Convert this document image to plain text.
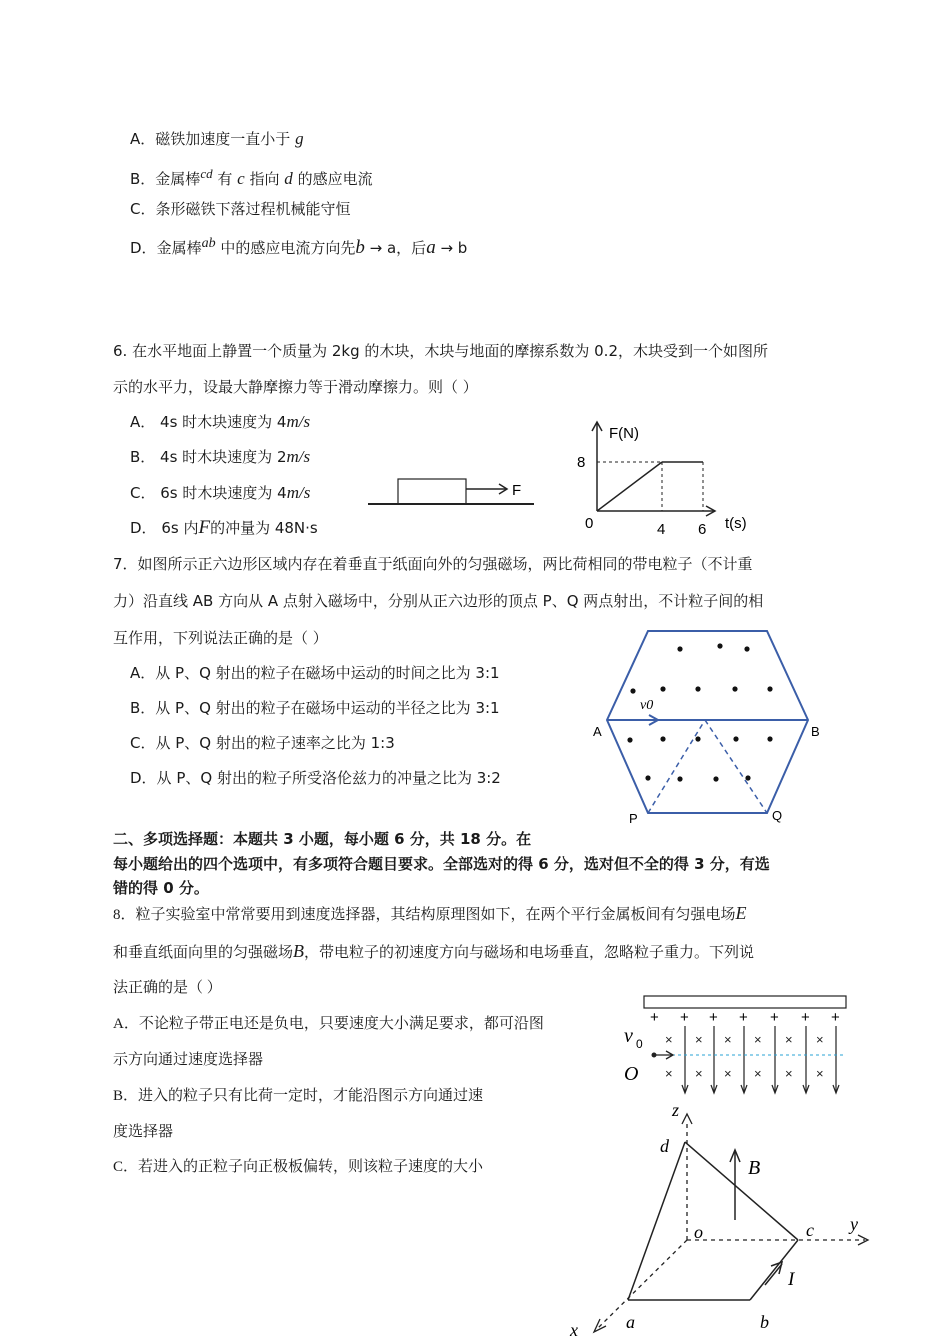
A．磁铁加速度一直小于 g
B．金属棒$^{cd}$ 有 c 指向 d 的感应电流
C．条形磁铁下落过程机械能守恒
D．金属棒$^{ab}$ 中的感应电流方向先b → a，后a → b
6. 在水平地面上静置一个质量为 2kg 的木块，木块与地面的摩擦系数为 0.2，木块受到一个如图所
示的水平力，设最大静摩擦力等于滑动摩擦力。则（ ）
A． 4s 时木块速度为 4m/s
B． 4s 时木块速度为 2m/s
C． 6s 时木块速度为 4m/s
D． 6s 内F的冲量为 48N·s
F
F(N)
t(s)
8
0	4 6
7．如图所示正六边形区域内存在着垂直于纸面向外的匀强磁场，两比荷相同的带电粒子（不计重
力）沿直线 AB 方向从 A 点射入磁场中，分别从正六边形的顶点 P、Q 两点射出，不计粒子间的相
互作用，下列说法正确的是（ ）
A．从 P、Q 射出的粒子在磁场中运动的时间之比为 3:1
B．从 P、Q 射出的粒子在磁场中运动的半径之比为 3:1
C．从 P、Q 射出的粒子速率之比为 1:3
D．从 P、Q 射出的粒子所受洛伦兹力的冲量之比为 3:2
v0
A	B
P	Q
二、多项选择题：本题共 3 小题，每小题 6 分，共 18 分。在
每小题给出的四个选项中，有多项符合题目要求。全部选对的得 6 分，选对但不全的得 3 分，有选
错的得 0 分。
8．粒子实验室中常常要用到速度选择器，其结构原理图如下，在两个平行金属板间有匀强电场E
和垂直纸面向里的匀强磁场B，带电粒子的初速度方向与磁场和电场垂直，忽略粒子重力。下列说
法正确的是（ ）
A．不论粒子带正电还是负电，只要速度大小满足要求，都可沿图
示方向通过速度选择器
B．进入的粒子只有比荷一定时，才能沿图示方向通过速
度选择器
C．若进入的正粒子向正极板偏转，则该粒子速度的大小
+ + + + + + +
×
×
×
×
×
×
×
×
×
×
×
×
v 0
O
z
y
x
d
o	c
a	b
B
I
